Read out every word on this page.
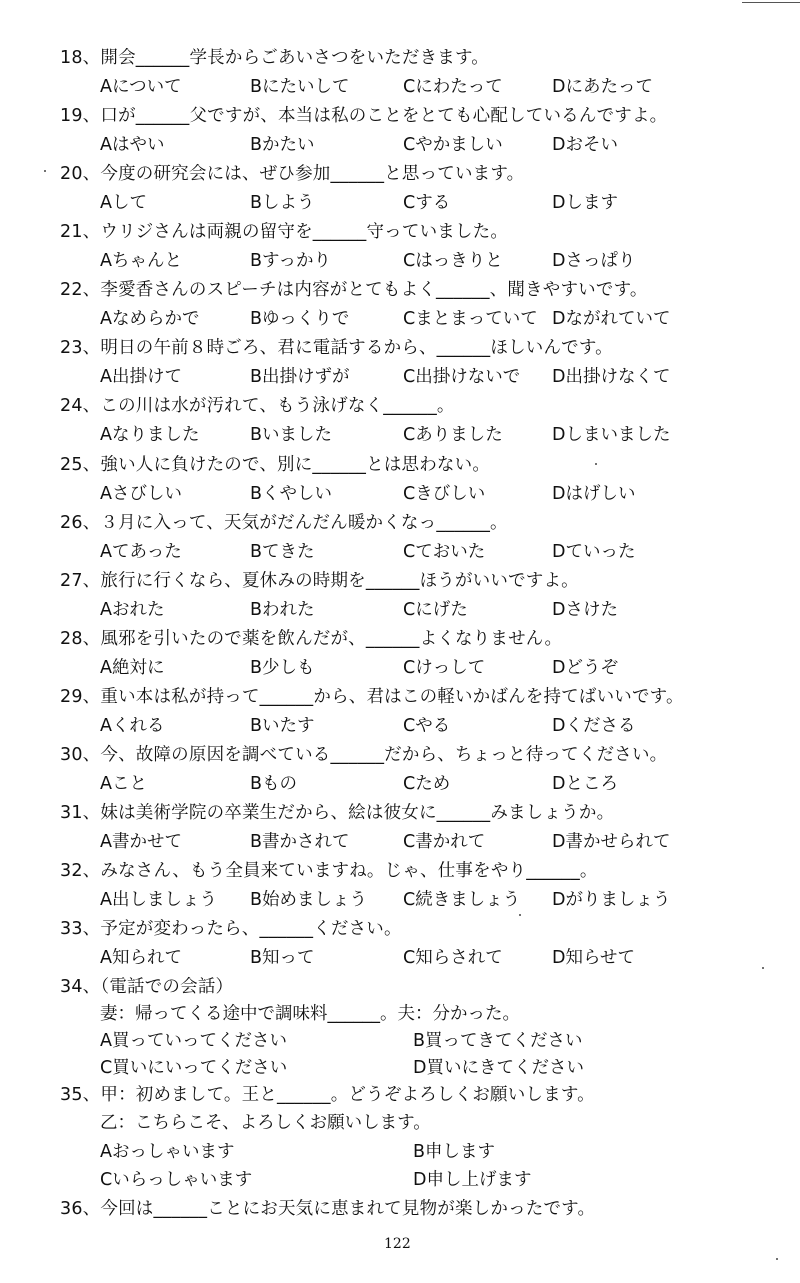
18、開会______学長からごあいさつをいただきます。
Aについて	Bにたいして	Cにわたって	Dにあたって
19、口が______父ですが、本当は私のことをとても心配しているんですよ。
Aはやい	Bかたい	Cやかましい	Dおそい
20、今度の研究会には、ぜひ参加______と思っています。
Aして	Bしよう	Cする	Dします
21、ウリジさんは両親の留守を______守っていました。
Aちゃんと	Bすっかり	Cはっきりと	Dさっぱり
22、李愛香さんのスピーチは内容がとてもよく______、聞きやすいです。
Aなめらかで	Bゆっくりで	Cまとまっていて Dながれていて
23、明日の午前８時ごろ、君に電話するから、______ほしいんです。
A出掛けて	B出掛けずが	C出掛けないで D出掛けなくて
24、この川は水が汚れて、もう泳げなく______。
Aなりました	Bいました	Cありました	Dしまいました
25、強い人に負けたので、別に______とは思わない。
Aさびしい	Bくやしい	Cきびしい	Dはげしい
26、３月に入って、天気がだんだん暖かくなっ______。
Aてあった	Bてきた	Cておいた	Dていった
27、旅行に行くなら、夏休みの時期を______ほうがいいですよ。
Aおれた	Bわれた	Cにげた	Dさけた
28、風邪を引いたので薬を飲んだが、______よくなりません。
A絶対に	B少しも	Cけっして	Dどうぞ
29、重い本は私が持って______から、君はこの軽いかばんを持てばいいです。
Aくれる	Bいたす	Cやる	Dくださる
30、今、故障の原因を調べている______だから、ちょっと待ってください。
Aこと	Bもの	Cため	Dところ
31、妹は美術学院の卒業生だから、絵は彼女に______みましょうか。
A書かせて	B書かされて	C書かれて	D書かせられて
32、みなさん、もう全員来ていますね。じゃ、仕事をやり______。
A出しましょう B始めましょう C続きましょう Dがりましょう
33、予定が変わったら、______ください。
A知られて	B知って	C知らされて	D知らせて
34、（電話での会話）
妻：帰ってくる途中で調味料______。夫：分かった。
A買っていってください	B買ってきてください
C買いにいってください	D買いにきてください
35、甲：初めまして。王と______。どうぞよろしくお願いします。
乙：こちらこそ、よろしくお願いします。
Aおっしゃいます	B申します
Cいらっしゃいます	D申し上げます
36、今回は______ことにお天気に恵まれて見物が楽しかったです。
122
